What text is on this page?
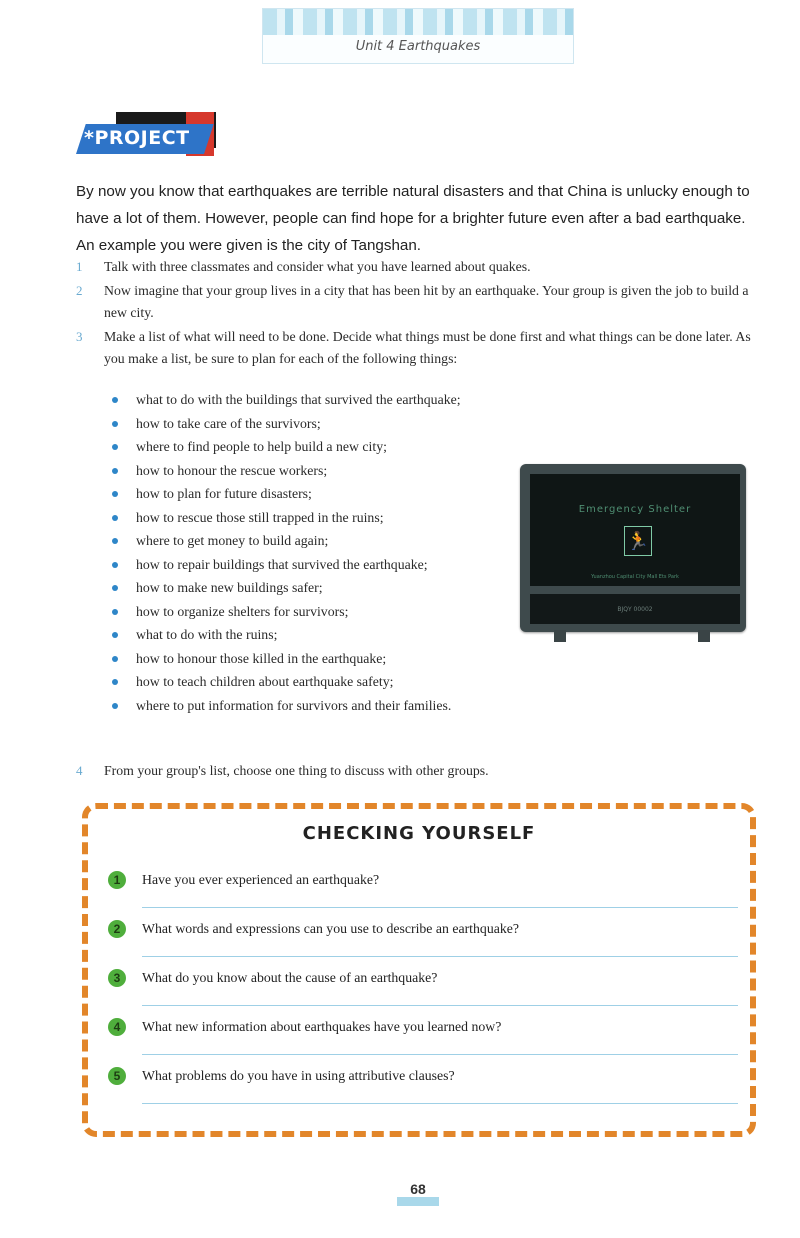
Unit 4 Earthquakes
*PROJECT
By now you know that earthquakes are terrible natural disasters and that China is unlucky enough to have a lot of them. However, people can find hope for a brighter future even after a bad earthquake. An example you were given is the city of Tangshan.
1 Talk with three classmates and consider what you have learned about quakes.
2 Now imagine that your group lives in a city that has been hit by an earthquake. Your group is given the job to build a new city.
3 Make a list of what will need to be done. Decide what things must be done first and what things can be done later. As you make a list, be sure to plan for each of the following things:
what to do with the buildings that survived the earthquake;
how to take care of the survivors;
where to find people to help build a new city;
how to honour the rescue workers;
how to plan for future disasters;
how to rescue those still trapped in the ruins;
where to get money to build again;
how to repair buildings that survived the earthquake;
how to make new buildings safer;
how to organize shelters for survivors;
what to do with the ruins;
how to honour those killed in the earthquake;
how to teach children about earthquake safety;
where to put information for survivors and their families.
Emergency Shelter
🏃
Yuanzhou Capital City Mall Ets Park
BJQY 00002
4 From your group's list, choose one thing to discuss with other groups.
CHECKING YOURSELF
1	Have you ever experienced an earthquake?
2	What words and expressions can you use to describe an earthquake?
3	What do you know about the cause of an earthquake?
4	What new information about earthquakes have you learned now?
5	What problems do you have in using attributive clauses?
68
